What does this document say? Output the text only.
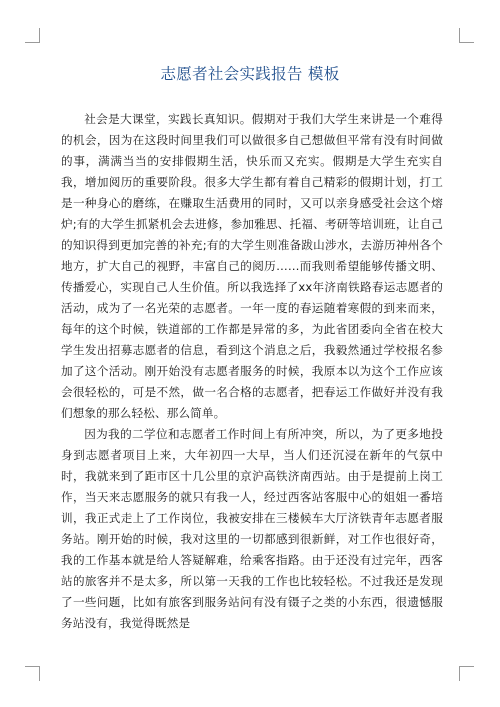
志愿者社会实践报告 模板

社会是大课堂，实践长真知识。假期对于我们大学生来讲是一个难得的机会，因为在这段时间里我们可以做很多自己想做但平常有没有时间做的事，满满当当的安排假期生活，快乐而又充实。假期是大学生充实自我，增加阅历的重要阶段。很多大学生都有着自己精彩的假期计划，打工是一种身心的磨练，在赚取生活费用的同时，又可以亲身感受社会这个熔炉;有的大学生抓紧机会去进修，参加雅思、托福、考研等培训班，让自己的知识得到更加完善的补充;有的大学生则准备跋山涉水，去游历神州各个地方，扩大自己的视野，丰富自己的阅历……而我则希望能够传播文明、传播爱心，实现自己人生价值。所以我选择了xx年济南铁路春运志愿者的活动，成为了一名光荣的志愿者。一年一度的春运随着寒假的到来而来，每年的这个时候，铁道部的工作都是异常的多，为此省团委向全省在校大学生发出招募志愿者的信息，看到这个消息之后，我毅然通过学校报名参加了这个活动。刚开始没有志愿者服务的时候，我原本以为这个工作应该会很轻松的，可是不然，做一名合格的志愿者，把春运工作做好并没有我们想象的那么轻松、那么简单。

因为我的二学位和志愿者工作时间上有所冲突，所以，为了更多地投身到志愿者项目上来，大年初四一大早，当人们还沉浸在新年的气氛中时，我就来到了距市区十几公里的京沪高铁济南西站。由于是提前上岗工作，当天来志愿服务的就只有我一人，经过西客站客服中心的姐姐一番培训，我正式走上了工作岗位，我被安排在三楼候车大厅济铁青年志愿者服务站。刚开始的时候，我对这里的一切都感到很新鲜，对工作也很好奇，我的工作基本就是给人答疑解难，给乘客指路。由于还没有过完年，西客站的旅客并不是太多，所以第一天我的工作也比较轻松。不过我还是发现了一些问题，比如有旅客到服务站问有没有镊子之类的小东西，很遗憾服务站没有，我觉得既然是
